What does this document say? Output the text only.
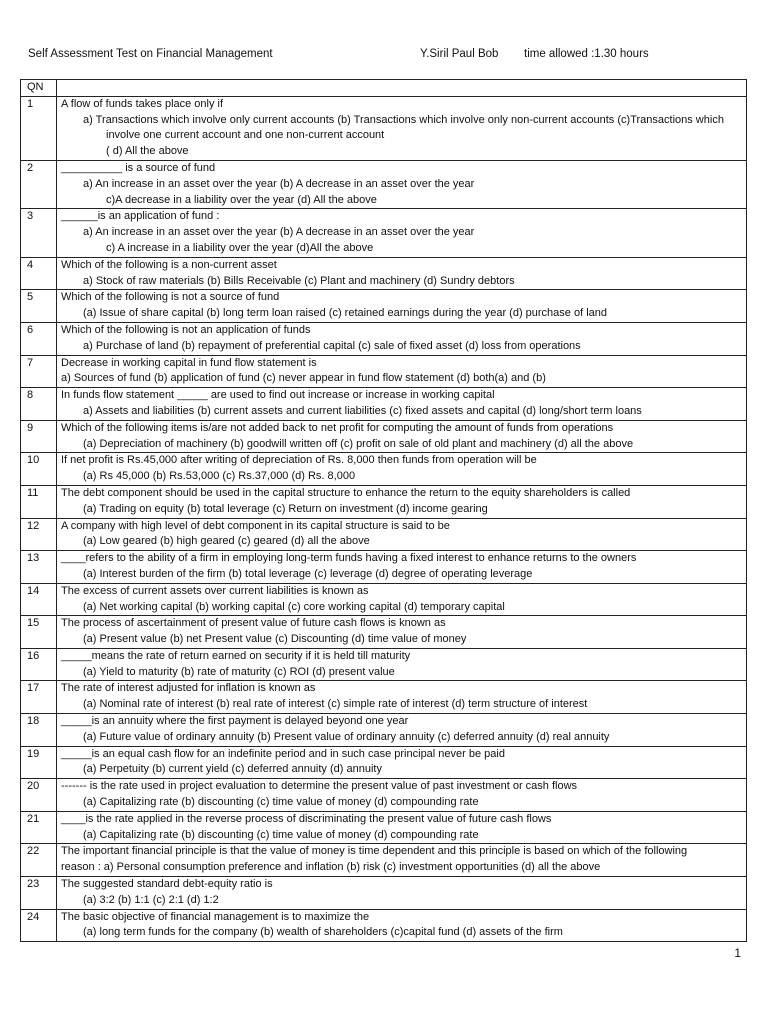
Self Assessment Test on Financial Management	Y.Siril Paul Bob time allowed :1.30 hours
QN	
1	A flow of funds takes place only if
a) Transactions which involve only current accounts (b) Transactions which involve only non-current accounts (c)Transactions which involve one current account and one non-current account
( d) All the above

2	__________ is a source of fund
a) An increase in an asset over the year (b) A decrease in an asset over the year
c)A decrease in a liability over the year (d) All the above

3	______is an application of fund :
a) An increase in an asset over the year (b) A decrease in an asset over the year
c) A increase in a liability over the year (d)All the above

4	Which of the following is a non-current asset
a) Stock of raw materials (b) Bills Receivable (c) Plant and machinery (d) Sundry debtors

5	Which of the following is not a source of fund
(a) Issue of share capital (b) long term loan raised (c) retained earnings during the year (d) purchase of land

6	Which of the following is not an application of funds
a) Purchase of land (b) repayment of preferential capital (c) sale of fixed asset (d) loss from operations

7	Decrease in working capital in fund flow statement is
a) Sources of fund (b) application of fund (c) never appear in fund flow statement (d) both(a) and (b)

8	In funds flow statement _____ are used to find out increase or increase in working capital
a) Assets and liabilities (b) current assets and current liabilities (c) fixed assets and capital (d) long/short term loans

9	Which of the following items is/are not added back to net profit for computing the amount of funds from operations
(a) Depreciation of machinery (b) goodwill written off (c) profit on sale of old plant and machinery (d) all the above

10	If net profit is Rs.45,000 after writing of depreciation of Rs. 8,000 then funds from operation will be
(a) Rs 45,000 (b) Rs.53,000 (c) Rs.37,000 (d) Rs. 8,000

11	The debt component should be used in the capital structure to enhance the return to the equity shareholders is called
(a) Trading on equity (b) total leverage (c) Return on investment (d) income gearing

12	A company with high level of debt component in its capital structure is said to be
(a) Low geared (b) high geared (c) geared (d) all the above

13	____refers to the ability of a firm in employing long-term funds having a fixed interest to enhance returns to the owners
(a) Interest burden of the firm (b) total leverage (c) leverage (d) degree of operating leverage

14	The excess of current assets over current liabilities is known as
(a) Net working capital (b) working capital (c) core working capital (d) temporary capital

15	The process of ascertainment of present value of future cash flows is known as
(a) Present value (b) net Present value (c) Discounting (d) time value of money

16	_____means the rate of return earned on security if it is held till maturity
(a) Yield to maturity (b) rate of maturity (c) ROI (d) present value

17	The rate of interest adjusted for inflation is known as
(a) Nominal rate of interest (b) real rate of interest (c) simple rate of interest (d) term structure of interest

18	_____is an annuity where the first payment is delayed beyond one year
(a) Future value of ordinary annuity (b) Present value of ordinary annuity (c) deferred annuity (d) real annuity

19	_____is an equal cash flow for an indefinite period and in such case principal never be paid
(a) Perpetuity (b) current yield (c) deferred annuity (d) annuity

20	------- is the rate used in project evaluation to determine the present value of past investment or cash flows
(a) Capitalizing rate (b) discounting (c) time value of money (d) compounding rate

21	____is the rate applied in the reverse process of discriminating the present value of future cash flows
(a) Capitalizing rate (b) discounting (c) time value of money (d) compounding rate

22	The important financial principle is that the value of money is time dependent and this principle is based on which of the following
reason : a) Personal consumption preference and inflation (b) risk (c) investment opportunities (d) all the above

23	The suggested standard debt-equity ratio is
(a) 3:2 (b) 1:1 (c) 2:1 (d) 1:2

24	The basic objective of financial management is to maximize the
(a) long term funds for the company (b) wealth of shareholders (c)capital fund (d) assets of the firm
1
